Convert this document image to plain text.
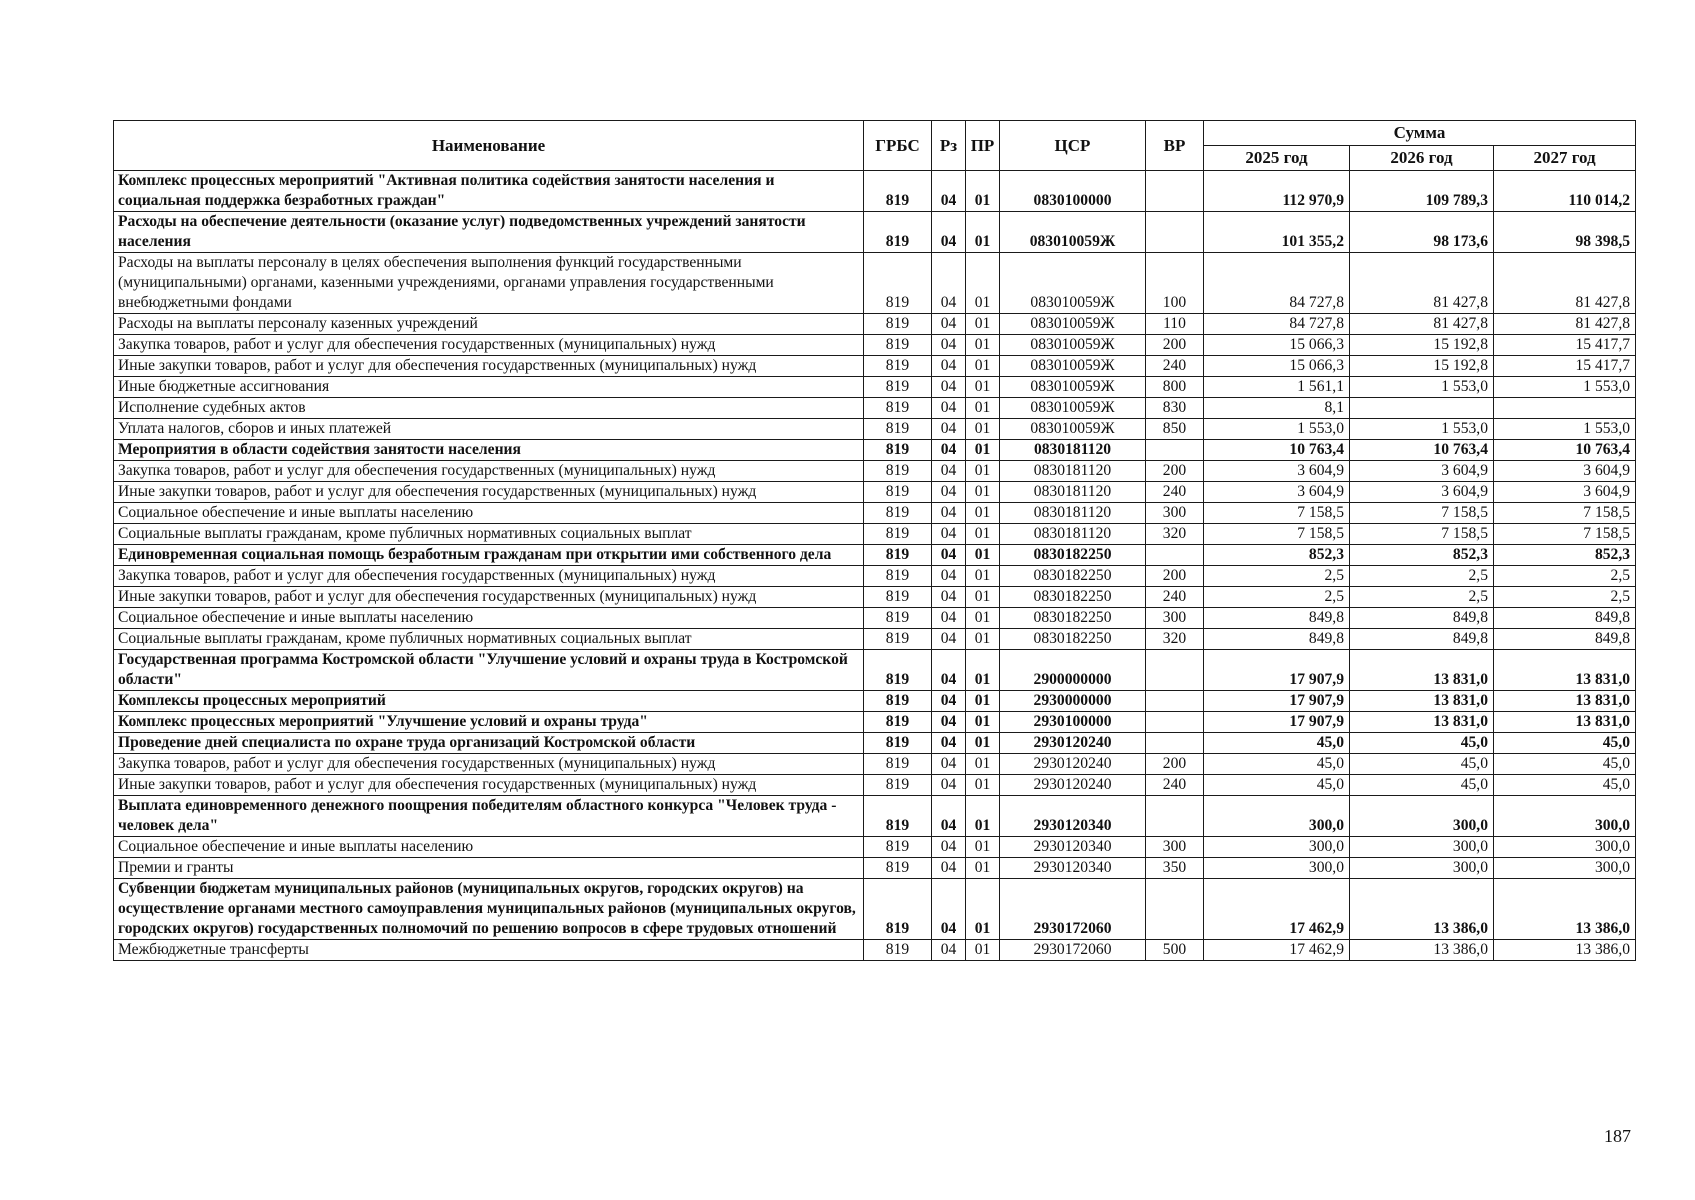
Наименование	ГРБС	Рз	ПР	ЦСР	ВР	Сумма		
						2025 год	2026 год	2027 год
Комплекс процессных мероприятий "Активная политика содействия занятости населения и социальная поддержка безработных граждан"	819	04	01	0830100000		112 970,9	109 789,3	110 014,2
Расходы на обеспечение деятельности (оказание услуг) подведомственных учреждений занятости населения	819	04	01	083010059Ж		101 355,2	98 173,6	98 398,5
Расходы на выплаты персоналу в целях обеспечения выполнения функций государственными (муниципальными) органами, казенными учреждениями, органами управления государственными внебюджетными фондами	819	04	01	083010059Ж	100	84 727,8	81 427,8	81 427,8
Расходы на выплаты персоналу казенных учреждений	819	04	01	083010059Ж	110	84 727,8	81 427,8	81 427,8
Закупка товаров, работ и услуг для обеспечения государственных (муниципальных) нужд	819	04	01	083010059Ж	200	15 066,3	15 192,8	15 417,7
Иные закупки товаров, работ и услуг для обеспечения государственных (муниципальных) нужд	819	04	01	083010059Ж	240	15 066,3	15 192,8	15 417,7
Иные бюджетные ассигнования	819	04	01	083010059Ж	800	1 561,1	1 553,0	1 553,0
Исполнение судебных актов	819	04	01	083010059Ж	830	8,1		
Уплата налогов, сборов и иных платежей	819	04	01	083010059Ж	850	1 553,0	1 553,0	1 553,0
Мероприятия в области содействия занятости населения	819	04	01	0830181120		10 763,4	10 763,4	10 763,4
Закупка товаров, работ и услуг для обеспечения государственных (муниципальных) нужд	819	04	01	0830181120	200	3 604,9	3 604,9	3 604,9
Иные закупки товаров, работ и услуг для обеспечения государственных (муниципальных) нужд	819	04	01	0830181120	240	3 604,9	3 604,9	3 604,9
Социальное обеспечение и иные выплаты населению	819	04	01	0830181120	300	7 158,5	7 158,5	7 158,5
Социальные выплаты гражданам, кроме публичных нормативных социальных выплат	819	04	01	0830181120	320	7 158,5	7 158,5	7 158,5
Единовременная социальная помощь безработным гражданам при открытии ими собственного дела	819	04	01	0830182250		852,3	852,3	852,3
Закупка товаров, работ и услуг для обеспечения государственных (муниципальных) нужд	819	04	01	0830182250	200	2,5	2,5	2,5
Иные закупки товаров, работ и услуг для обеспечения государственных (муниципальных) нужд	819	04	01	0830182250	240	2,5	2,5	2,5
Социальное обеспечение и иные выплаты населению	819	04	01	0830182250	300	849,8	849,8	849,8
Социальные выплаты гражданам, кроме публичных нормативных социальных выплат	819	04	01	0830182250	320	849,8	849,8	849,8
Государственная программа Костромской области "Улучшение условий и охраны труда в Костромской области"	819	04	01	2900000000		17 907,9	13 831,0	13 831,0
Комплексы процессных мероприятий	819	04	01	2930000000		17 907,9	13 831,0	13 831,0
Комплекс процессных мероприятий "Улучшение условий и охраны труда"	819	04	01	2930100000		17 907,9	13 831,0	13 831,0
Проведение дней специалиста по охране труда организаций Костромской области	819	04	01	2930120240		45,0	45,0	45,0
Закупка товаров, работ и услуг для обеспечения государственных (муниципальных) нужд	819	04	01	2930120240	200	45,0	45,0	45,0
Иные закупки товаров, работ и услуг для обеспечения государственных (муниципальных) нужд	819	04	01	2930120240	240	45,0	45,0	45,0
Выплата единовременного денежного поощрения победителям областного конкурса "Человек труда - человек дела"	819	04	01	2930120340		300,0	300,0	300,0
Социальное обеспечение и иные выплаты населению	819	04	01	2930120340	300	300,0	300,0	300,0
Премии и гранты	819	04	01	2930120340	350	300,0	300,0	300,0
Субвенции бюджетам муниципальных районов (муниципальных округов, городских округов) на осуществление органами местного самоуправления муниципальных районов (муниципальных округов, городских округов) государственных полномочий по решению вопросов в сфере трудовых отношений	819	04	01	2930172060		17 462,9	13 386,0	13 386,0
Межбюджетные трансферты	819	04	01	2930172060	500	17 462,9	13 386,0	13 386,0
187
